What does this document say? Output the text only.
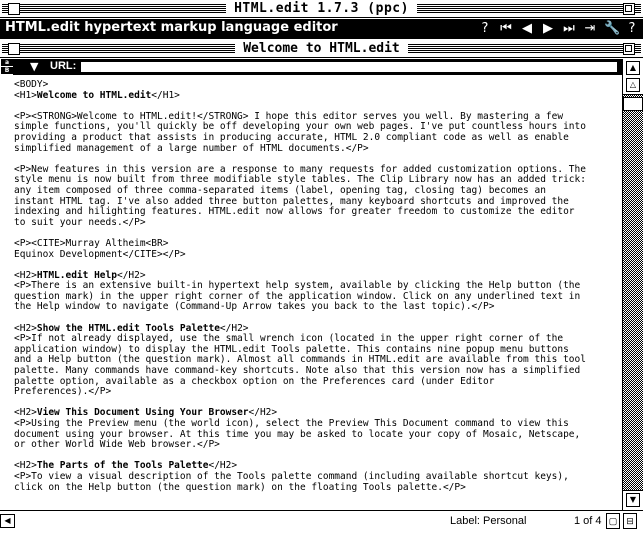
HTML.edit 1.7.3 (ppc)
HTML.edit hypertext markup language editor	? ⏮ ◀ ▶ ⏭ ⇥ 🔧 ?
Welcome to HTML.edit
a
B	▼ URL:
<BODY>
<H1>Welcome to HTML.edit</H1>

<P><STRONG>Welcome to HTML.edit!</STRONG> I hope this editor serves you well. By mastering a few
simple functions, you'll quickly be off developing your own web pages. I've put countless hours into
providing a product that assists in producing accurate, HTML 2.0 compliant code as well as enable
simplified management of a large number of HTML documents.</P>

<P>New features in this version are a response to many requests for added customization options. The
style menu is now built from three modifiable style tables. The Clip Library now has an added trick:
any item composed of three comma-separated items (label, opening tag, closing tag) becomes an
instant HTML tag. I've also added three button palettes, many keyboard shortcuts and improved the
indexing and hilighting features. HTML.edit now allows for greater freedom to customize the editor
to suit your needs.</P>

<P><CITE>Murray Altheim<BR>
Equinox Development</CITE></P>

<H2>HTML.edit Help</H2>
<P>There is an extensive built-in hypertext help system, available by clicking the Help button (the
question mark) in the upper right corner of the application window. Click on any underlined text in
the Help window to navigate (Command-Up Arrow takes you back to the last topic).</P>

<H2>Show the HTML.edit Tools Palette</H2>
<P>If not already displayed, use the small wrench icon (located in the upper right corner of the
application window) to display the HTML.edit Tools palette. This contains nine popup menu buttons
and a Help button (the question mark). Almost all commands in HTML.edit are available from this tool
palette. Many commands have command-key shortcuts. Note also that this version now has a simplified
palette option, available as a checkbox option on the Preferences card (under Editor
Preferences).</P>

<H2>View This Document Using Your Browser</H2>
<P>Using the Preview menu (the world icon), select the Preview This Document command to view this
document using your browser. At this time you may be asked to locate your copy of Mosaic, Netscape,
or other World Wide Web browser.</P>

<H2>The Parts of the Tools Palette</H2>
<P>To view a visual description of the Tools palette command (including available shortcut keys),
click on the Help button (the question mark) on the floating Tools palette.</P>
▲
△
▼
◀	Label: Personal	1 of 4 ▢ ⊟
